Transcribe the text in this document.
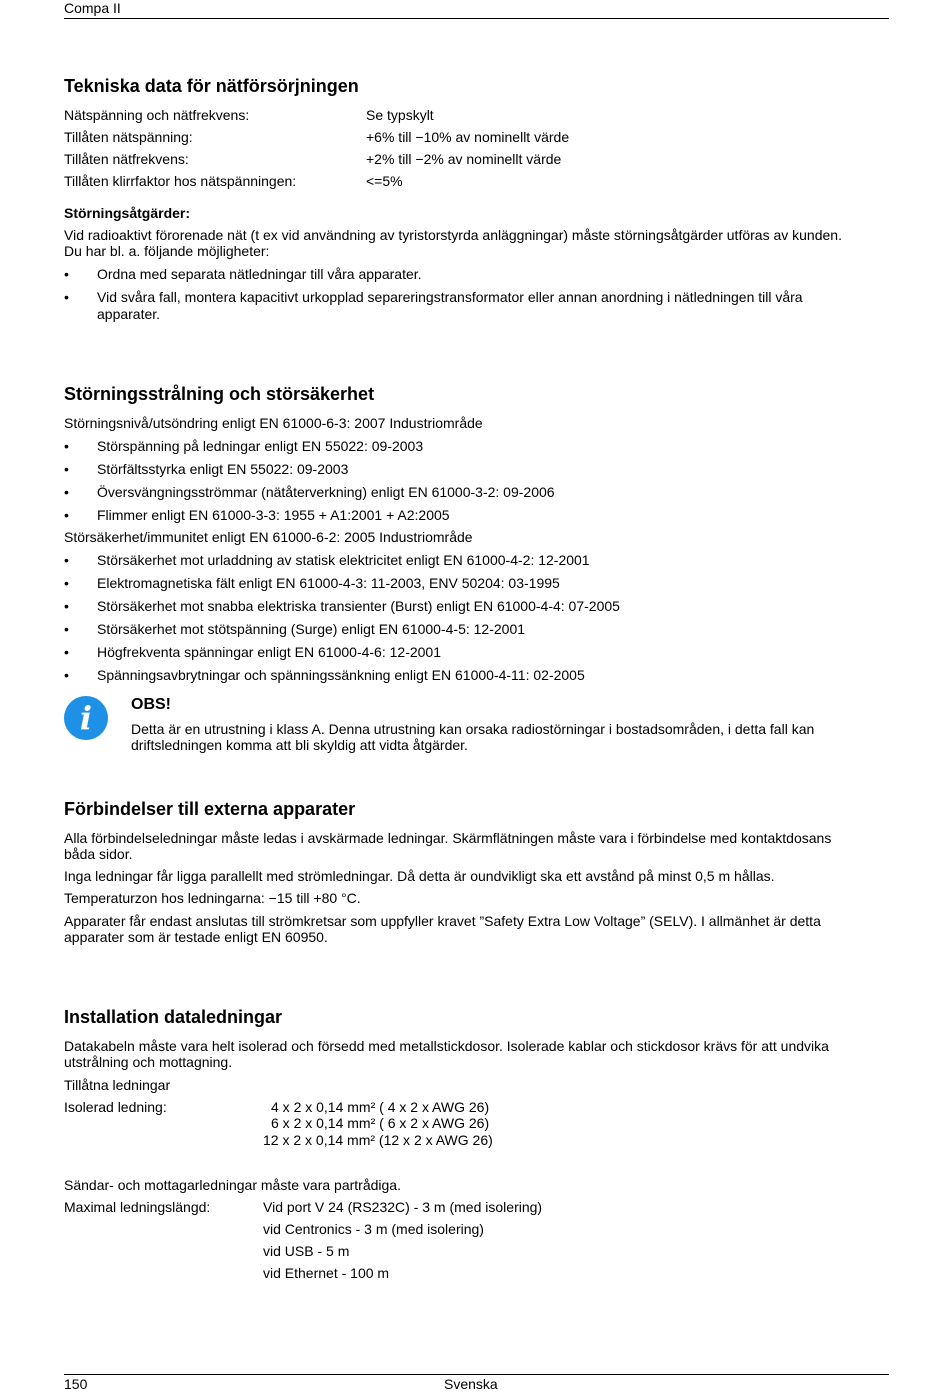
Compa II
Tekniska data för nätförsörjningen
Nätspänning och nätfrekvens:	Se typskylt
Tillåten nätspänning:	+6% till −10% av nominellt värde
Tillåten nätfrekvens:	+2% till −2% av nominellt värde
Tillåten klirrfaktor hos nätspänningen:	<=5%
Störningsåtgärder:
Vid radioaktivt förorenade nät (t ex vid användning av tyristorstyrda anläggningar) måste störningsåtgärder utföras av kunden.
Du har bl. a. följande möjligheter:
• Ordna med separata nätledningar till våra apparater.
• Vid svåra fall, montera kapacitivt urkopplad separeringstransformator eller annan anordning i nätledningen till våra
apparater.
Störningsstrålning och störsäkerhet
Störningsnivå/utsöndring enligt EN 61000-6-3: 2007 Industriområde
• Störspänning på ledningar enligt EN 55022: 09-2003
• Störfältsstyrka enligt EN 55022: 09-2003
• Översvängningsströmmar (nätåterverkning) enligt EN 61000-3-2: 09-2006
• Flimmer enligt EN 61000-3-3: 1955 + A1:2001 + A2:2005
Störsäkerhet/immunitet enligt EN 61000-6-2: 2005 Industriområde
• Störsäkerhet mot urladdning av statisk elektricitet enligt EN 61000-4-2: 12-2001
• Elektromagnetiska fält enligt EN 61000-4-3: 11-2003, ENV 50204: 03-1995
• Störsäkerhet mot snabba elektriska transienter (Burst) enligt EN 61000-4-4: 07-2005
• Störsäkerhet mot stötspänning (Surge) enligt EN 61000-4-5: 12-2001
• Högfrekventa spänningar enligt EN 61000-4-6: 12-2001
• Spänningsavbrytningar och spänningssänkning enligt EN 61000-4-11: 02-2005
i	OBS!
Detta är en utrustning i klass A. Denna utrustning kan orsaka radiostörningar i bostadsområden, i detta fall kan
driftsledningen komma att bli skyldig att vidta åtgärder.
Förbindelser till externa apparater
Alla förbindelseledningar måste ledas i avskärmade ledningar. Skärmflätningen måste vara i förbindelse med kontaktdosans
båda sidor.
Inga ledningar får ligga parallellt med strömledningar. Då detta är oundvikligt ska ett avstånd på minst 0,5 m hållas.
Temperaturzon hos ledningarna: −15 till +80 °C.
Apparater får endast anslutas till strömkretsar som uppfyller kravet ”Safety Extra Low Voltage” (SELV). I allmänhet är detta
apparater som är testade enligt EN 60950.
Installation dataledningar
Datakabeln måste vara helt isolerad och försedd med metallstickdosor. Isolerade kablar och stickdosor krävs för att undvika
utstrålning och mottagning.
Tillåtna ledningar
Isolerad ledning:	4 x 2 x 0,14 mm² ( 4 x 2 x AWG 26)
6 x 2 x 0,14 mm² ( 6 x 2 x AWG 26)
12 x 2 x 0,14 mm² (12 x 2 x AWG 26)
Sändar- och mottagarledningar måste vara partrådiga.
Maximal ledningslängd:	Vid port V 24 (RS232C) - 3 m (med isolering)
vid Centronics - 3 m (med isolering)
vid USB - 5 m
vid Ethernet - 100 m
150	Svenska
